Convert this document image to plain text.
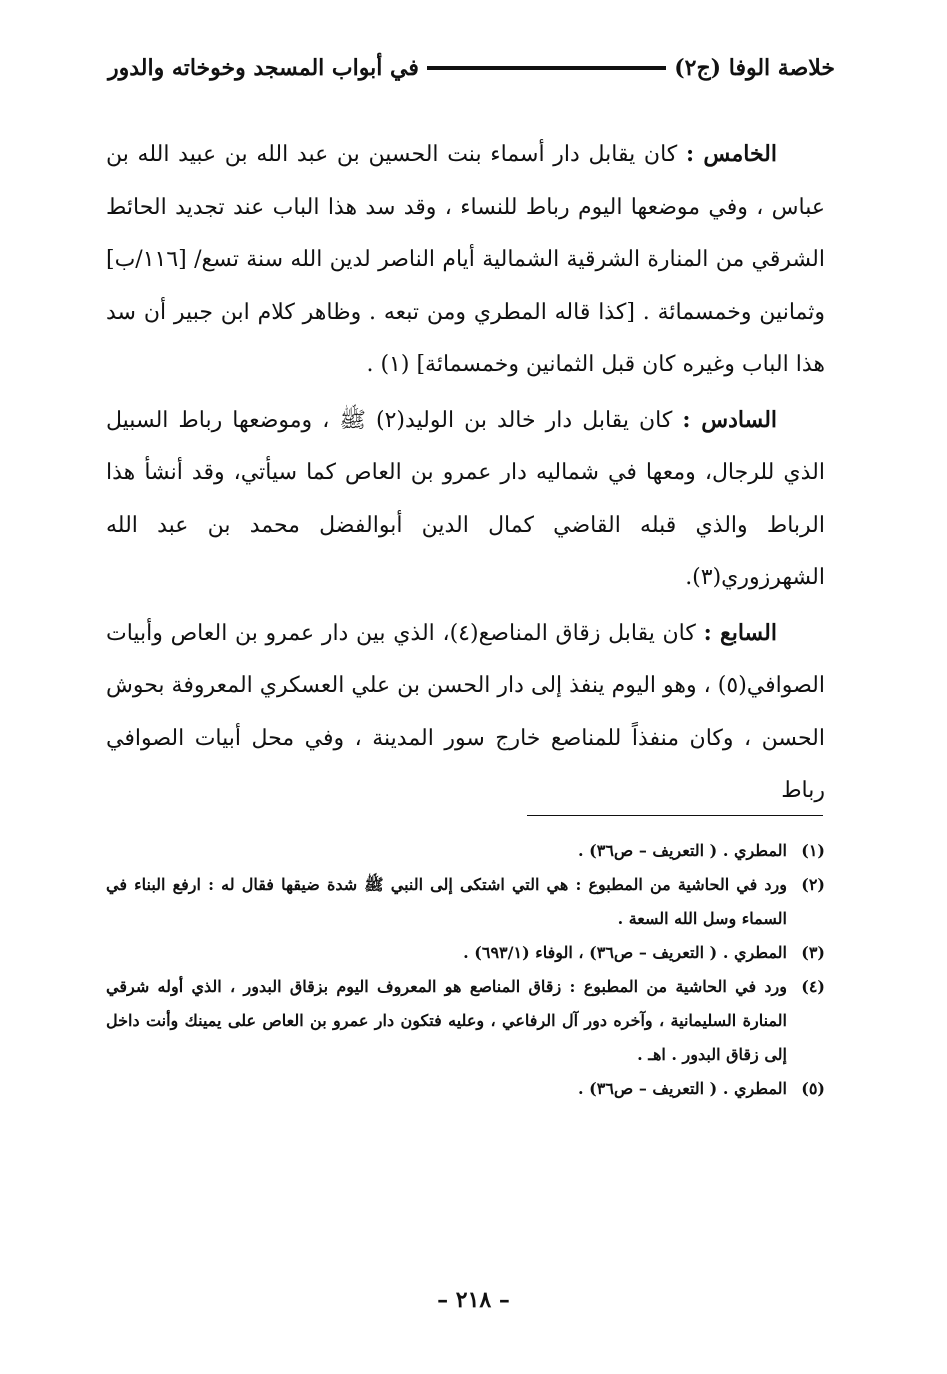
خلاصة الوفا (ج٢)
في أبواب المسجد وخوخاته والدور

الخامس : كان يقابل دار أسماء بنت الحسين بن عبد الله بن عبيد الله بن عباس ، وفي موضعها اليوم رباط للنساء ، وقد سد هذا الباب عند تجديد الحائط الشرقي من المنارة الشرقية الشمالية أيام الناصر لدين الله سنة تسع/ [١١٦/ب] وثمانين وخمسمائة . [كذا قاله المطري ومن تبعه . وظاهر كلام ابن جبير أن سد هذا الباب وغيره كان قبل الثمانين وخمسمائة] (١) .

السادس : كان يقابل دار خالد بن الوليد(٢) ﷺ ، وموضعها رباط السبيل الذي للرجال، ومعها في شماليه دار عمرو بن العاص كما سيأتي، وقد أنشأ هذا الرباط والذي قبله القاضي كمال الدين أبوالفضل محمد بن عبد الله الشهرزوري(٣).

السابع : كان يقابل زقاق المناصع(٤)، الذي بين دار عمرو بن العاص وأبيات الصوافي(٥) ، وهو اليوم ينفذ إلى دار الحسن بن علي العسكري المعروفة بحوش الحسن ، وكان منفذاً للمناصع خارج سور المدينة ، وفي محل أبيات الصوافي رباط

(١)
المطري . ( التعريف – ص٣٦) .
(٢)
ورد في الحاشية من المطبوع : هي التي اشتكى إلى النبي ﷺ شدة ضيقها فقال له : ارفع البناء في السماء وسل الله السعة .
(٣)
المطري . ( التعريف – ص٣٦) ، الوفاء (٦٩٣/١) .
(٤)
ورد في الحاشية من المطبوع : زقاق المناصع هو المعروف اليوم بزقاق البدور ، الذي أوله شرقي المنارة السليمانية ، وآخره دور آل الرفاعي ، وعليه فتكون دار عمرو بن العاص على يمينك وأنت داخل إلى زقاق البدور . اهـ .
(٥)
المطري . ( التعريف – ص٣٦) .
– ٢١٨ –
